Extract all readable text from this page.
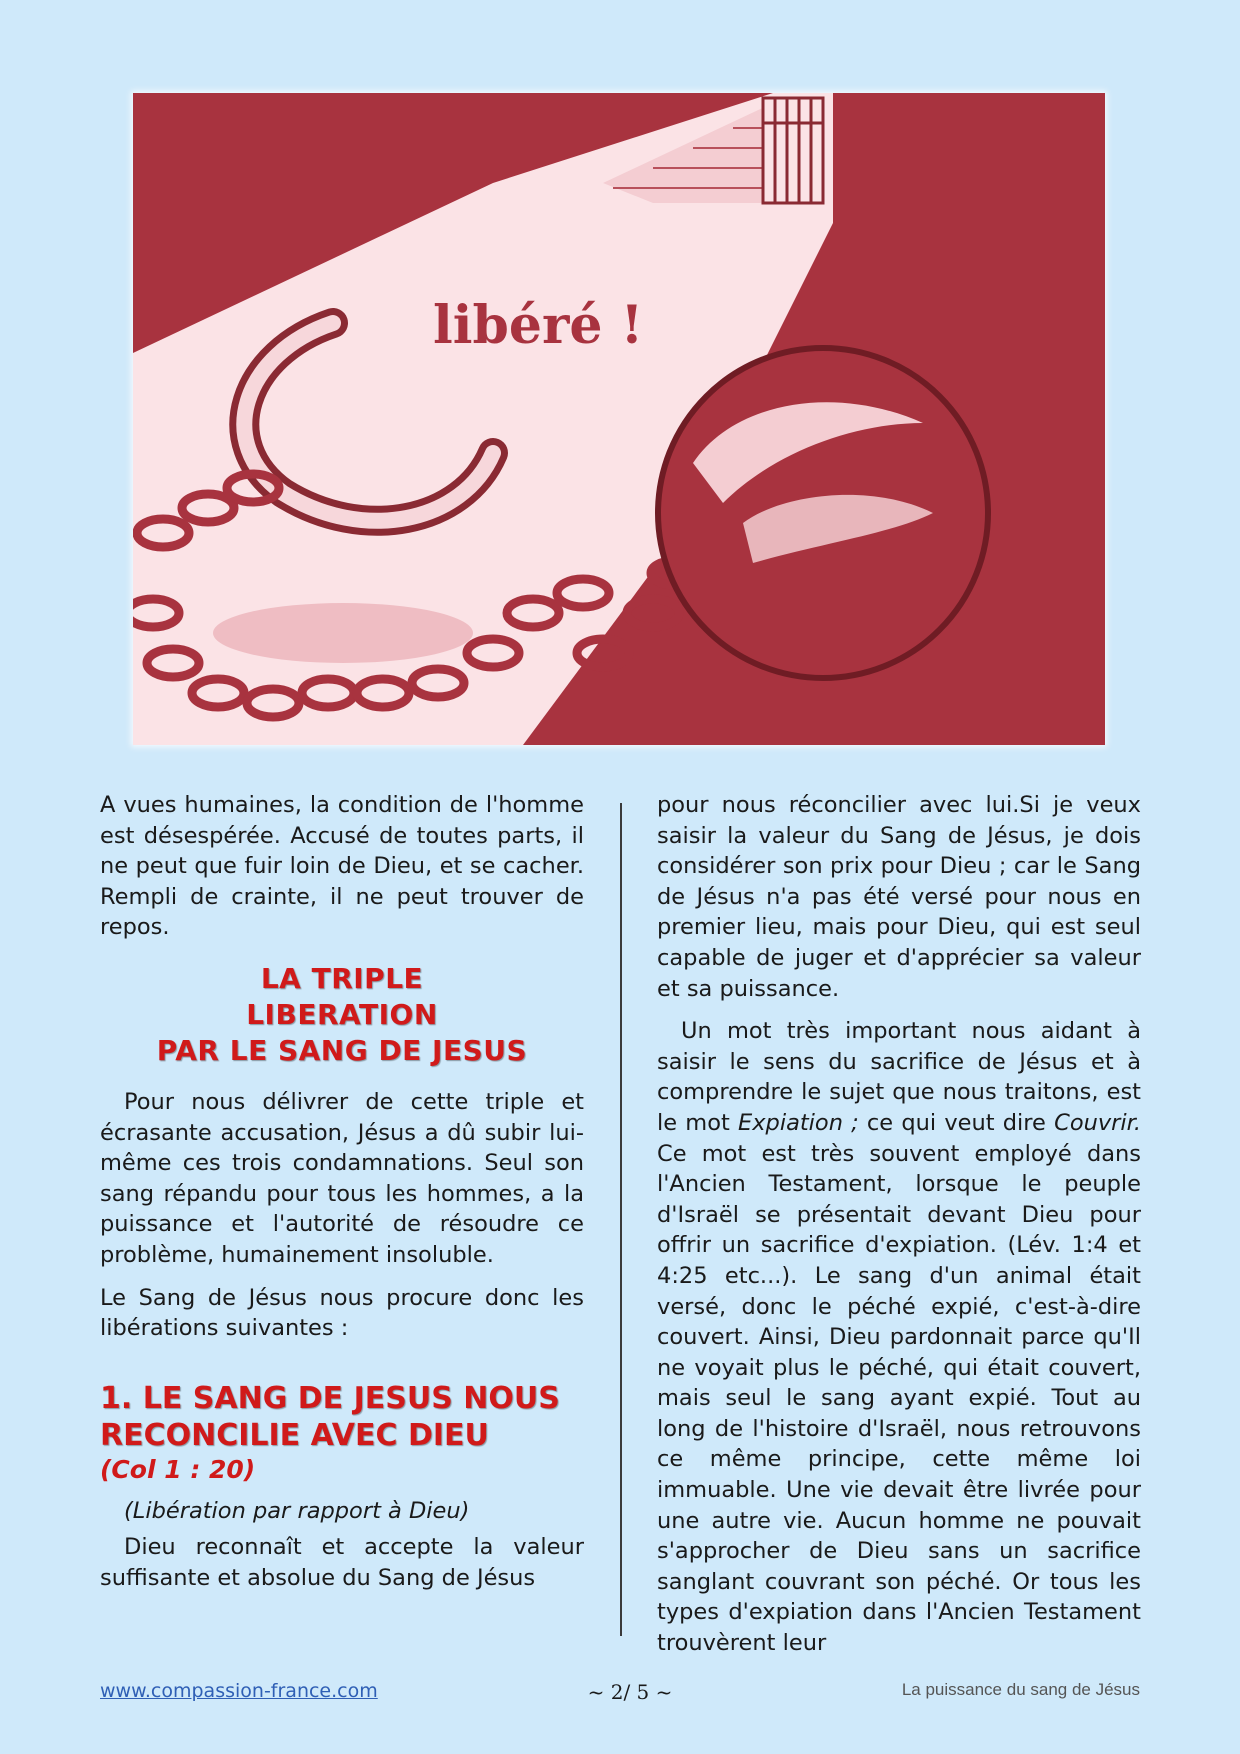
libéré !

A vues humaines, la condition de l'homme est désespérée. Accusé de toutes parts, il ne peut que fuir loin de Dieu, et se cacher. Rempli de crainte, il ne peut trouver de repos.

LA TRIPLE
LIBERATION
PAR LE SANG DE JESUS

Pour nous délivrer de cette triple et écrasante accusation, Jésus a dû subir lui-même ces trois condamnations. Seul son sang répandu pour tous les hommes, a la puissance et l'autorité de résoudre ce problème, humainement insoluble.

Le Sang de Jésus nous procure donc les libérations suivantes :

1. LE SANG DE JESUS NOUS RECONCILIE AVEC DIEU
(Col 1 : 20)

(Libération par rapport à Dieu)

Dieu reconnaît et accepte la valeur suffisante et absolue du Sang de Jésus

pour nous réconcilier avec lui.Si je veux saisir la valeur du Sang de Jésus, je dois considérer son prix pour Dieu ; car le Sang de Jésus n'a pas été versé pour nous en premier lieu, mais pour Dieu, qui est seul capable de juger et d'apprécier sa valeur et sa puissance.

Un mot très important nous aidant à saisir le sens du sacrifice de Jésus et à comprendre le sujet que nous traitons, est le mot Expiation ; ce qui veut dire Couvrir. Ce mot est très souvent employé dans l'Ancien Testament, lorsque le peuple d'Israël se présentait devant Dieu pour offrir un sacrifice d'expiation. (Lév. 1:4 et 4:25 etc...). Le sang d'un animal était versé, donc le péché expié, c'est-à-dire couvert. Ainsi, Dieu pardonnait parce qu'Il ne voyait plus le péché, qui était couvert, mais seul le sang ayant expié. Tout au long de l'histoire d'Israël, nous retrouvons ce même principe, cette même loi immuable. Une vie devait être livrée pour une autre vie. Aucun homme ne pouvait s'approcher de Dieu sans un sacrifice sanglant couvrant son péché. Or tous les types d'expiation dans l'Ancien Testament trouvèrent leur

www.compassion-france.com	~ 2/ 5 ~	La puissance du sang de Jésus
